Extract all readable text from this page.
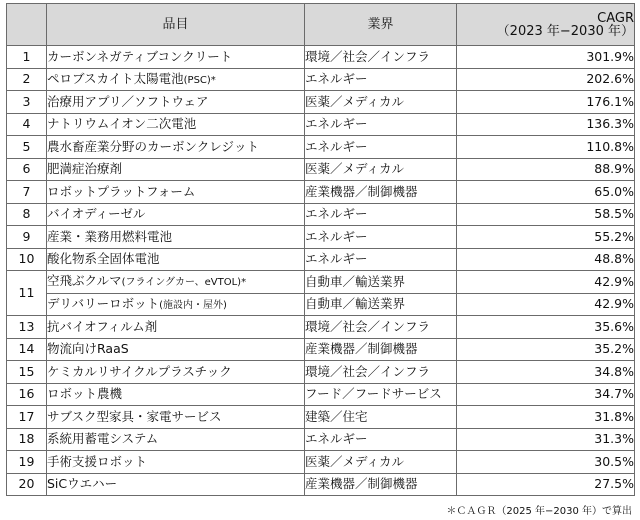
	品目	業界	CAGR
（2023 年−2030 年）

1	カーボンネガティブコンクリート	環境／社会／インフラ	301.9%
2	ペロブスカイト太陽電池(PSC)*	エネルギー	202.6%
3	治療用アプリ／ソフトウェア	医薬／メディカル	176.1%
4	ナトリウムイオン二次電池	エネルギー	136.3%
5	農水畜産業分野のカーボンクレジット	エネルギー	110.8%
6	肥満症治療剤	医薬／メディカル	88.9%
7	ロボットプラットフォーム	産業機器／制御機器	65.0%
8	バイオディーゼル	エネルギー	58.5%
9	産業・業務用燃料電池	エネルギー	55.2%
10	酸化物系全固体電池	エネルギー	48.8%
11	空飛ぶクルマ(フライングカー、eVTOL)*	自動車／輸送業界	42.9%
	デリバリーロボット(施設内・屋外)	自動車／輸送業界	42.9%
13	抗バイオフィルム剤	環境／社会／インフラ	35.6%
14	物流向けRaaS	産業機器／制御機器	35.2%
15	ケミカルリサイクルプラスチック	環境／社会／インフラ	34.8%
16	ロボット農機	フード／フードサービス	34.7%
17	サブスク型家具・家電サービス	建築／住宅	31.8%
18	系統用蓄電システム	エネルギー	31.3%
19	手術支援ロボット	医薬／メディカル	30.5%
20	SiCウエハー	産業機器／制御機器	27.5%
＊ＣＡＧＲ（2025 年−2030 年）で算出
